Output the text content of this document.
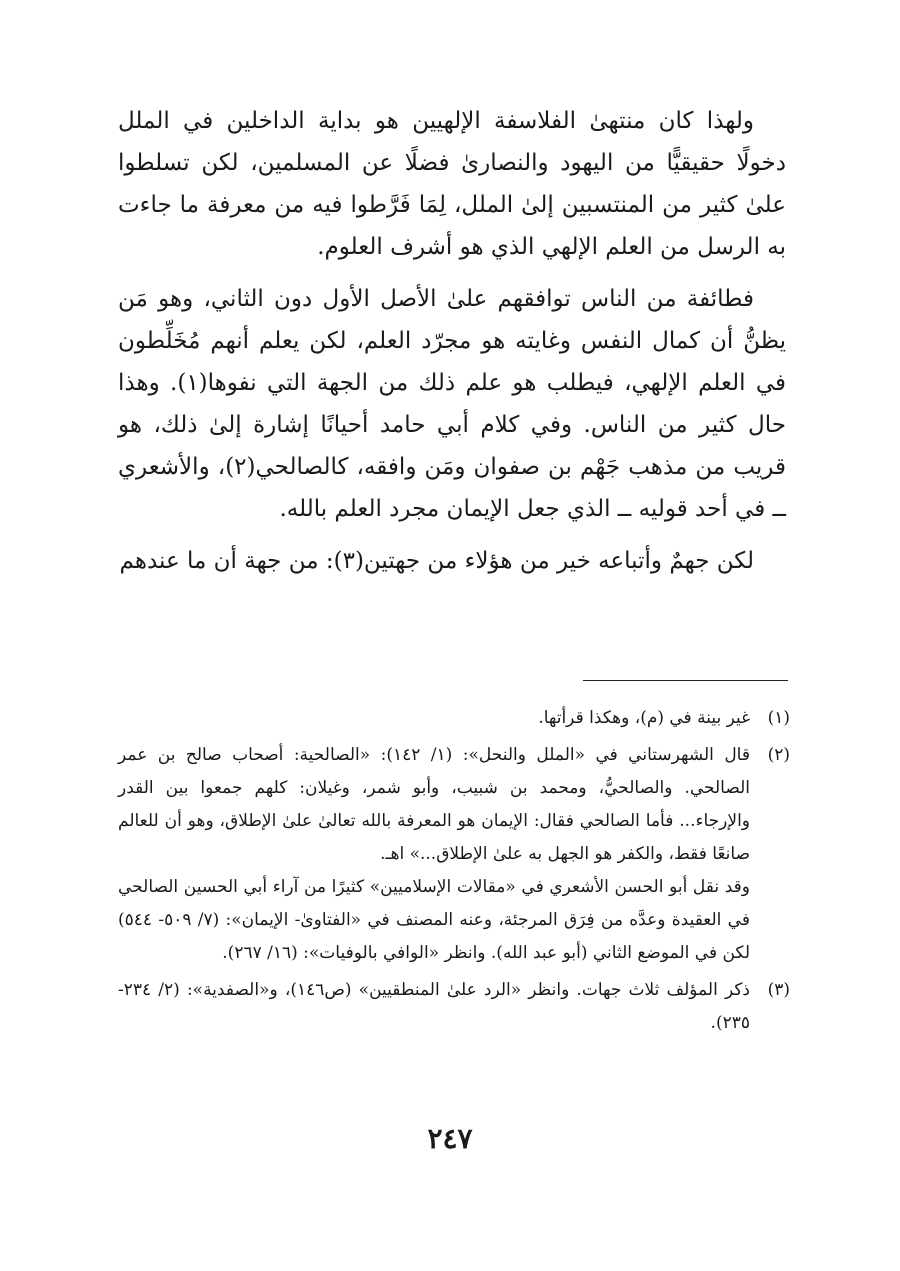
ولهذا كان منتهىٰ الفلاسفة الإلهيين هو بداية الداخلين في الملل دخولًا حقيقيًّا من اليهود والنصارىٰ فضلًا عن المسلمين، لكن تسلطوا علىٰ كثير من المنتسبين إلىٰ الملل، لِمَا فَرَّطوا فيه من معرفة ما جاءت به الرسل من العلم الإلهي الذي هو أشرف العلوم.

فطائفة من الناس توافقهم علىٰ الأصل الأول دون الثاني، وهو مَن يظنُّ أن كمال النفس وغايته هو مجرّد العلم، لكن يعلم أنهم مُخَلِّطون في العلم الإلهي، فيطلب هو علم ذلك من الجهة التي نفوها(١). وهذا حال كثير من الناس. وفي كلام أبي حامد أحيانًا إشارة إلىٰ ذلك، هو قريب من مذهب جَهْم بن صفوان ومَن وافقه، كالصالحي(٢)، والأشعري ــ في أحد قوليه ــ الذي جعل الإيمان مجرد العلم بالله.

لكن جهمٌ وأتباعه خير من هؤلاء من جهتين(٣): من جهة أن ما عندهم

(١)
غير بينة في (م)، وهكذا قرأتها.
(٢)
قال الشهرستاني في «الملل والنحل»: (١/ ١٤٢): «الصالحية: أصحاب صالح بن عمر الصالحي. والصالحيُّ، ومحمد بن شبيب، وأبو شمر، وغيلان: كلهم جمعوا بين القدر والإرجاء... فأما الصالحي فقال: الإيمان هو المعرفة بالله تعالىٰ علىٰ الإطلاق، وهو أن للعالم صانعًا فقط، والكفر هو الجهل به علىٰ الإطلاق...» اهـ.
وقد نقل أبو الحسن الأشعري في «مقالات الإسلاميين» كثيرًا من آراء أبي الحسين الصالحي في العقيدة وعدَّه من فِرَق المرجئة، وعنه المصنف في «الفتاوىٰ- الإيمان»: (٧/ ٥٠٩- ٥٤٤) لكن في الموضع الثاني (أبو عبد الله). وانظر «الوافي بالوفيات»: (١٦/ ٢٦٧).
(٣)
ذكر المؤلف ثلاث جهات. وانظر «الرد علىٰ المنطقيين» (ص١٤٦)، و«الصفدية»: (٢/ ٢٣٤- ٢٣٥).
٢٤٧
